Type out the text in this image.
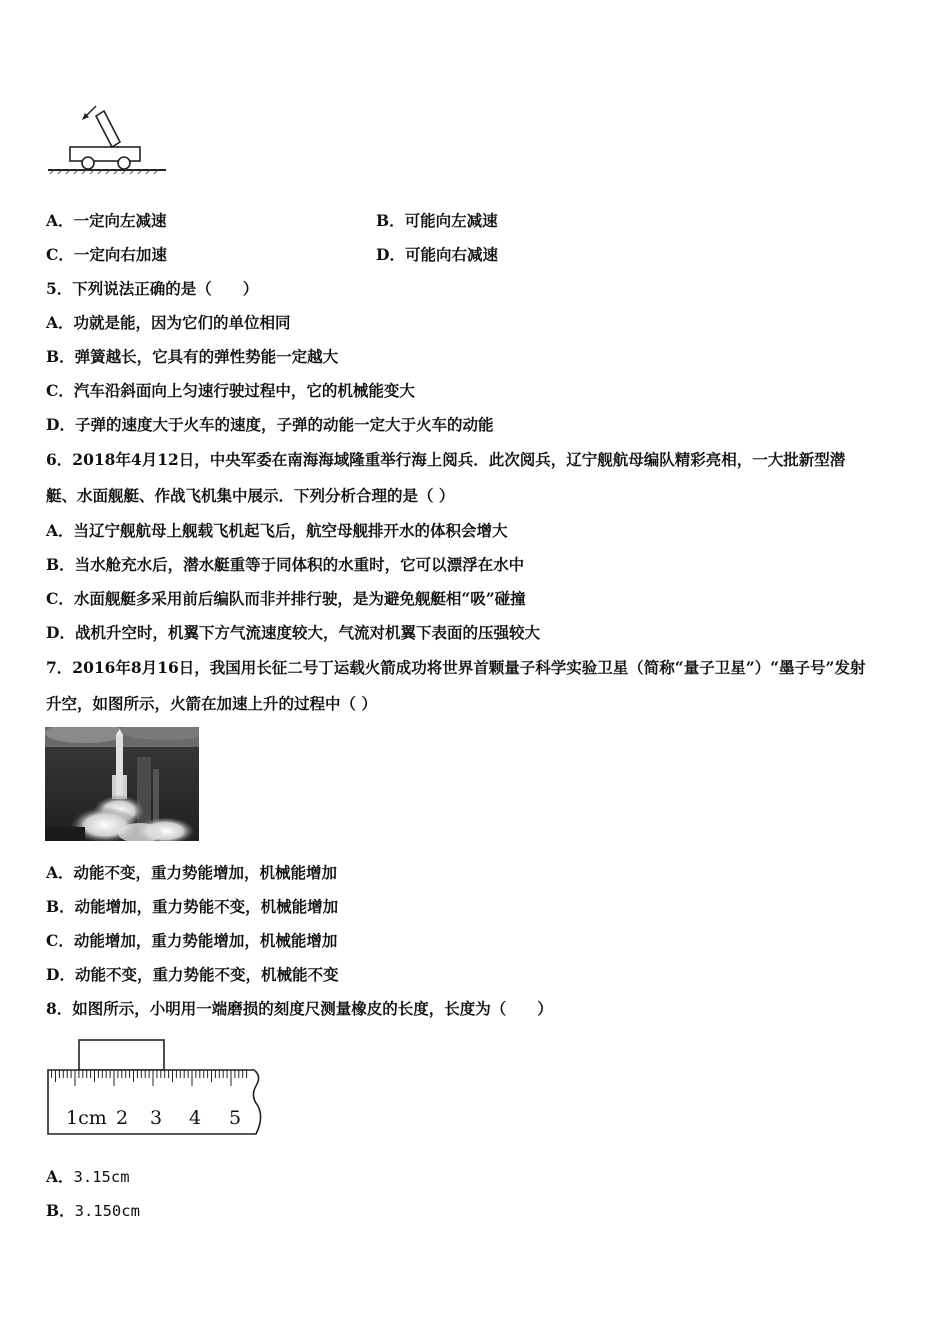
A．一定向左减速	B．可能向左减速
C．一定向右加速	D．可能向右减速
5．下列说法正确的是（　　）
A．功就是能，因为它们的单位相同
B．弹簧越长，它具有的弹性势能一定越大
C．汽车沿斜面向上匀速行驶过程中，它的机械能变大
D．子弹的速度大于火车的速度，子弹的动能一定大于火车的动能
6．2018年4月12日，中央军委在南海海域隆重举行海上阅兵．此次阅兵，辽宁舰航母编队精彩亮相，一大批新型潜
艇、水面舰艇、作战飞机集中展示．下列分析合理的是（ ）
A．当辽宁舰航母上舰载飞机起飞后，航空母舰排开水的体积会增大
B．当水舱充水后，潜水艇重等于同体积的水重时，它可以漂浮在水中
C．水面舰艇多采用前后编队而非并排行驶，是为避免舰艇相“吸”碰撞
D．战机升空时，机翼下方气流速度较大，气流对机翼下表面的压强较大
7．2016年8月16日，我国用长征二号丁运载火箭成功将世界首颗量子科学实验卫星（简称“量子卫星”）“墨子号”发射
升空，如图所示，火箭在加速上升的过程中（ ）
A．动能不变，重力势能增加，机械能增加
B．动能增加，重力势能不变，机械能增加
C．动能增加，重力势能增加，机械能增加
D．动能不变，重力势能不变，机械能不变
8．如图所示，小明用一端磨损的刻度尺测量橡皮的长度，长度为（　　）
1cm 2 3 4 5
A．3.15cm
B．3.150cm
